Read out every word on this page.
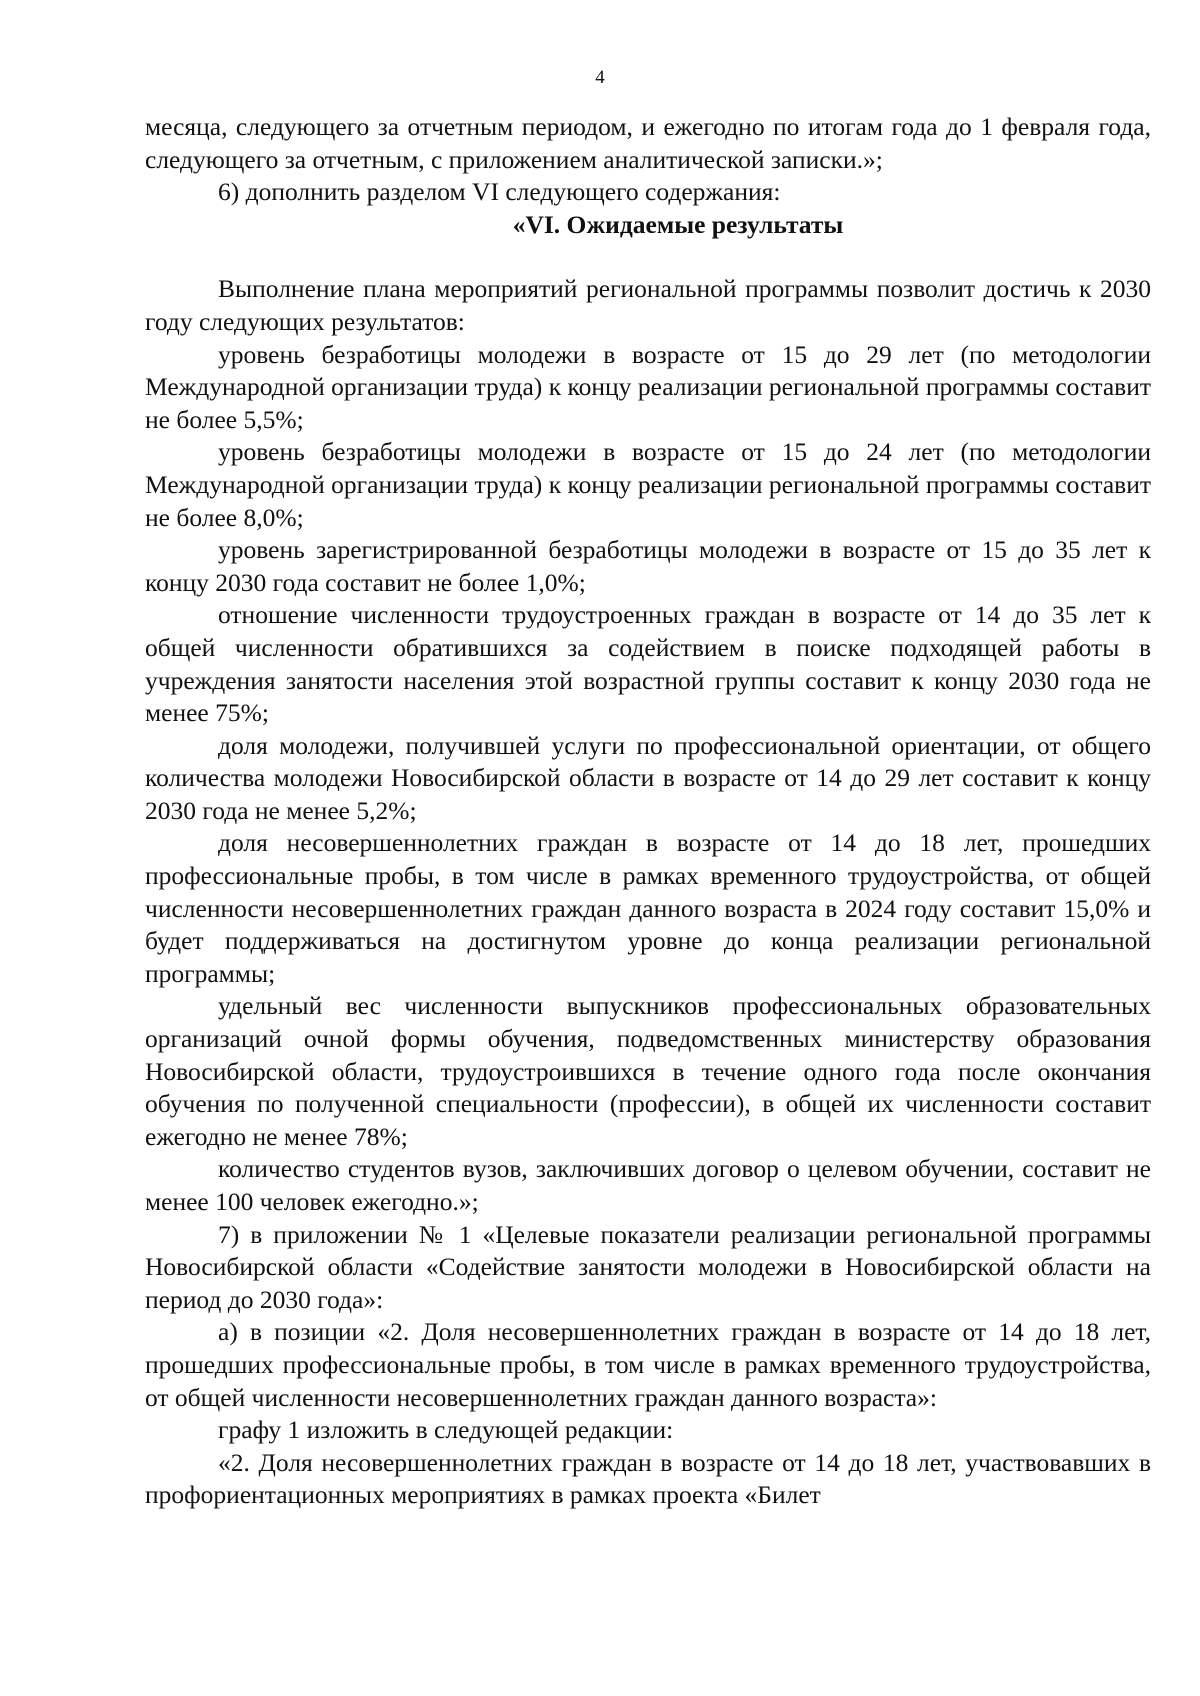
4

месяца, следующего за отчетным периодом, и ежегодно по итогам года до 1 февраля года, следующего за отчетным, с приложением аналитической записки.»;

6) дополнить разделом VI следующего содержания:

«VI. Ожидаемые результаты

Выполнение плана мероприятий региональной программы позволит достичь к 2030 году следующих результатов:

уровень безработицы молодежи в возрасте от 15 до 29 лет (по методологии Международной организации труда) к концу реализации региональной программы составит не более 5,5%;

уровень безработицы молодежи в возрасте от 15 до 24 лет (по методологии Международной организации труда) к концу реализации региональной программы составит не более 8,0%;

уровень зарегистрированной безработицы молодежи в возрасте от 15 до 35 лет к концу 2030 года составит не более 1,0%;

отношение численности трудоустроенных граждан в возрасте от 14 до 35 лет к общей численности обратившихся за содействием в поиске подходящей работы в учреждения занятости населения этой возрастной группы составит к концу 2030 года не менее 75%;

доля молодежи, получившей услуги по профессиональной ориентации, от общего количества молодежи Новосибирской области в возрасте от 14 до 29 лет составит к концу 2030 года не менее 5,2%;

доля несовершеннолетних граждан в возрасте от 14 до 18 лет, прошедших профессиональные пробы, в том числе в рамках временного трудоустройства, от общей численности несовершеннолетних граждан данного возраста в 2024 году составит 15,0% и будет поддерживаться на достигнутом уровне до конца реализации региональной программы;

удельный вес численности выпускников профессиональных образовательных организаций очной формы обучения, подведомственных министерству образования Новосибирской области, трудоустроившихся в течение одного года после окончания обучения по полученной специальности (профессии), в общей их численности составит ежегодно не менее 78%;

количество студентов вузов, заключивших договор о целевом обучении, составит не менее 100 человек ежегодно.»;

7) в приложении № 1 «Целевые показатели реализации региональной программы Новосибирской области «Содействие занятости молодежи в Новосибирской области на период до 2030 года»:

а) в позиции «2. Доля несовершеннолетних граждан в возрасте от 14 до 18 лет, прошедших профессиональные пробы, в том числе в рамках временного трудоустройства, от общей численности несовершеннолетних граждан данного возраста»:

графу 1 изложить в следующей редакции:

«2. Доля несовершеннолетних граждан в возрасте от 14 до 18 лет, участвовавших в профориентационных мероприятиях в рамках проекта «Билет
